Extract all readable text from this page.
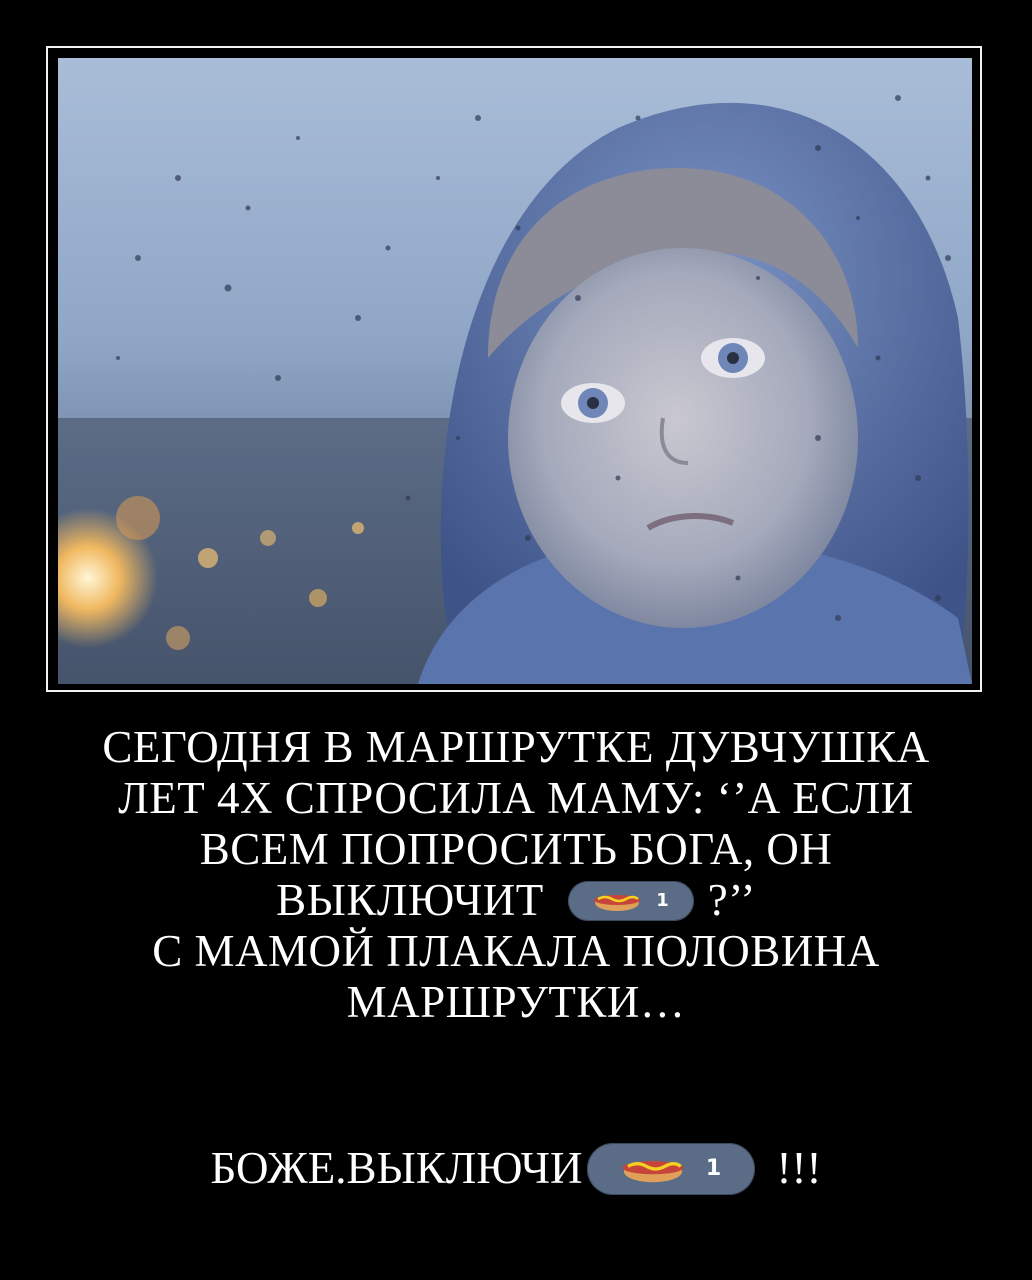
СЕГОДНЯ В МАРШРУТКЕ ДУВЧУШКА
ЛЕТ 4Х СПРОСИЛА МАМУ: ‘’А ЕСЛИ
ВСЕМ ПОПРОСИТЬ БОГА, ОН
ВЫКЛЮЧИТ	1 ?’’
С МАМОЙ ПЛАКАЛА ПОЛОВИНА
МАРШРУТКИ…
БОЖЕ.ВЫКЛЮЧИ	1 !!!
